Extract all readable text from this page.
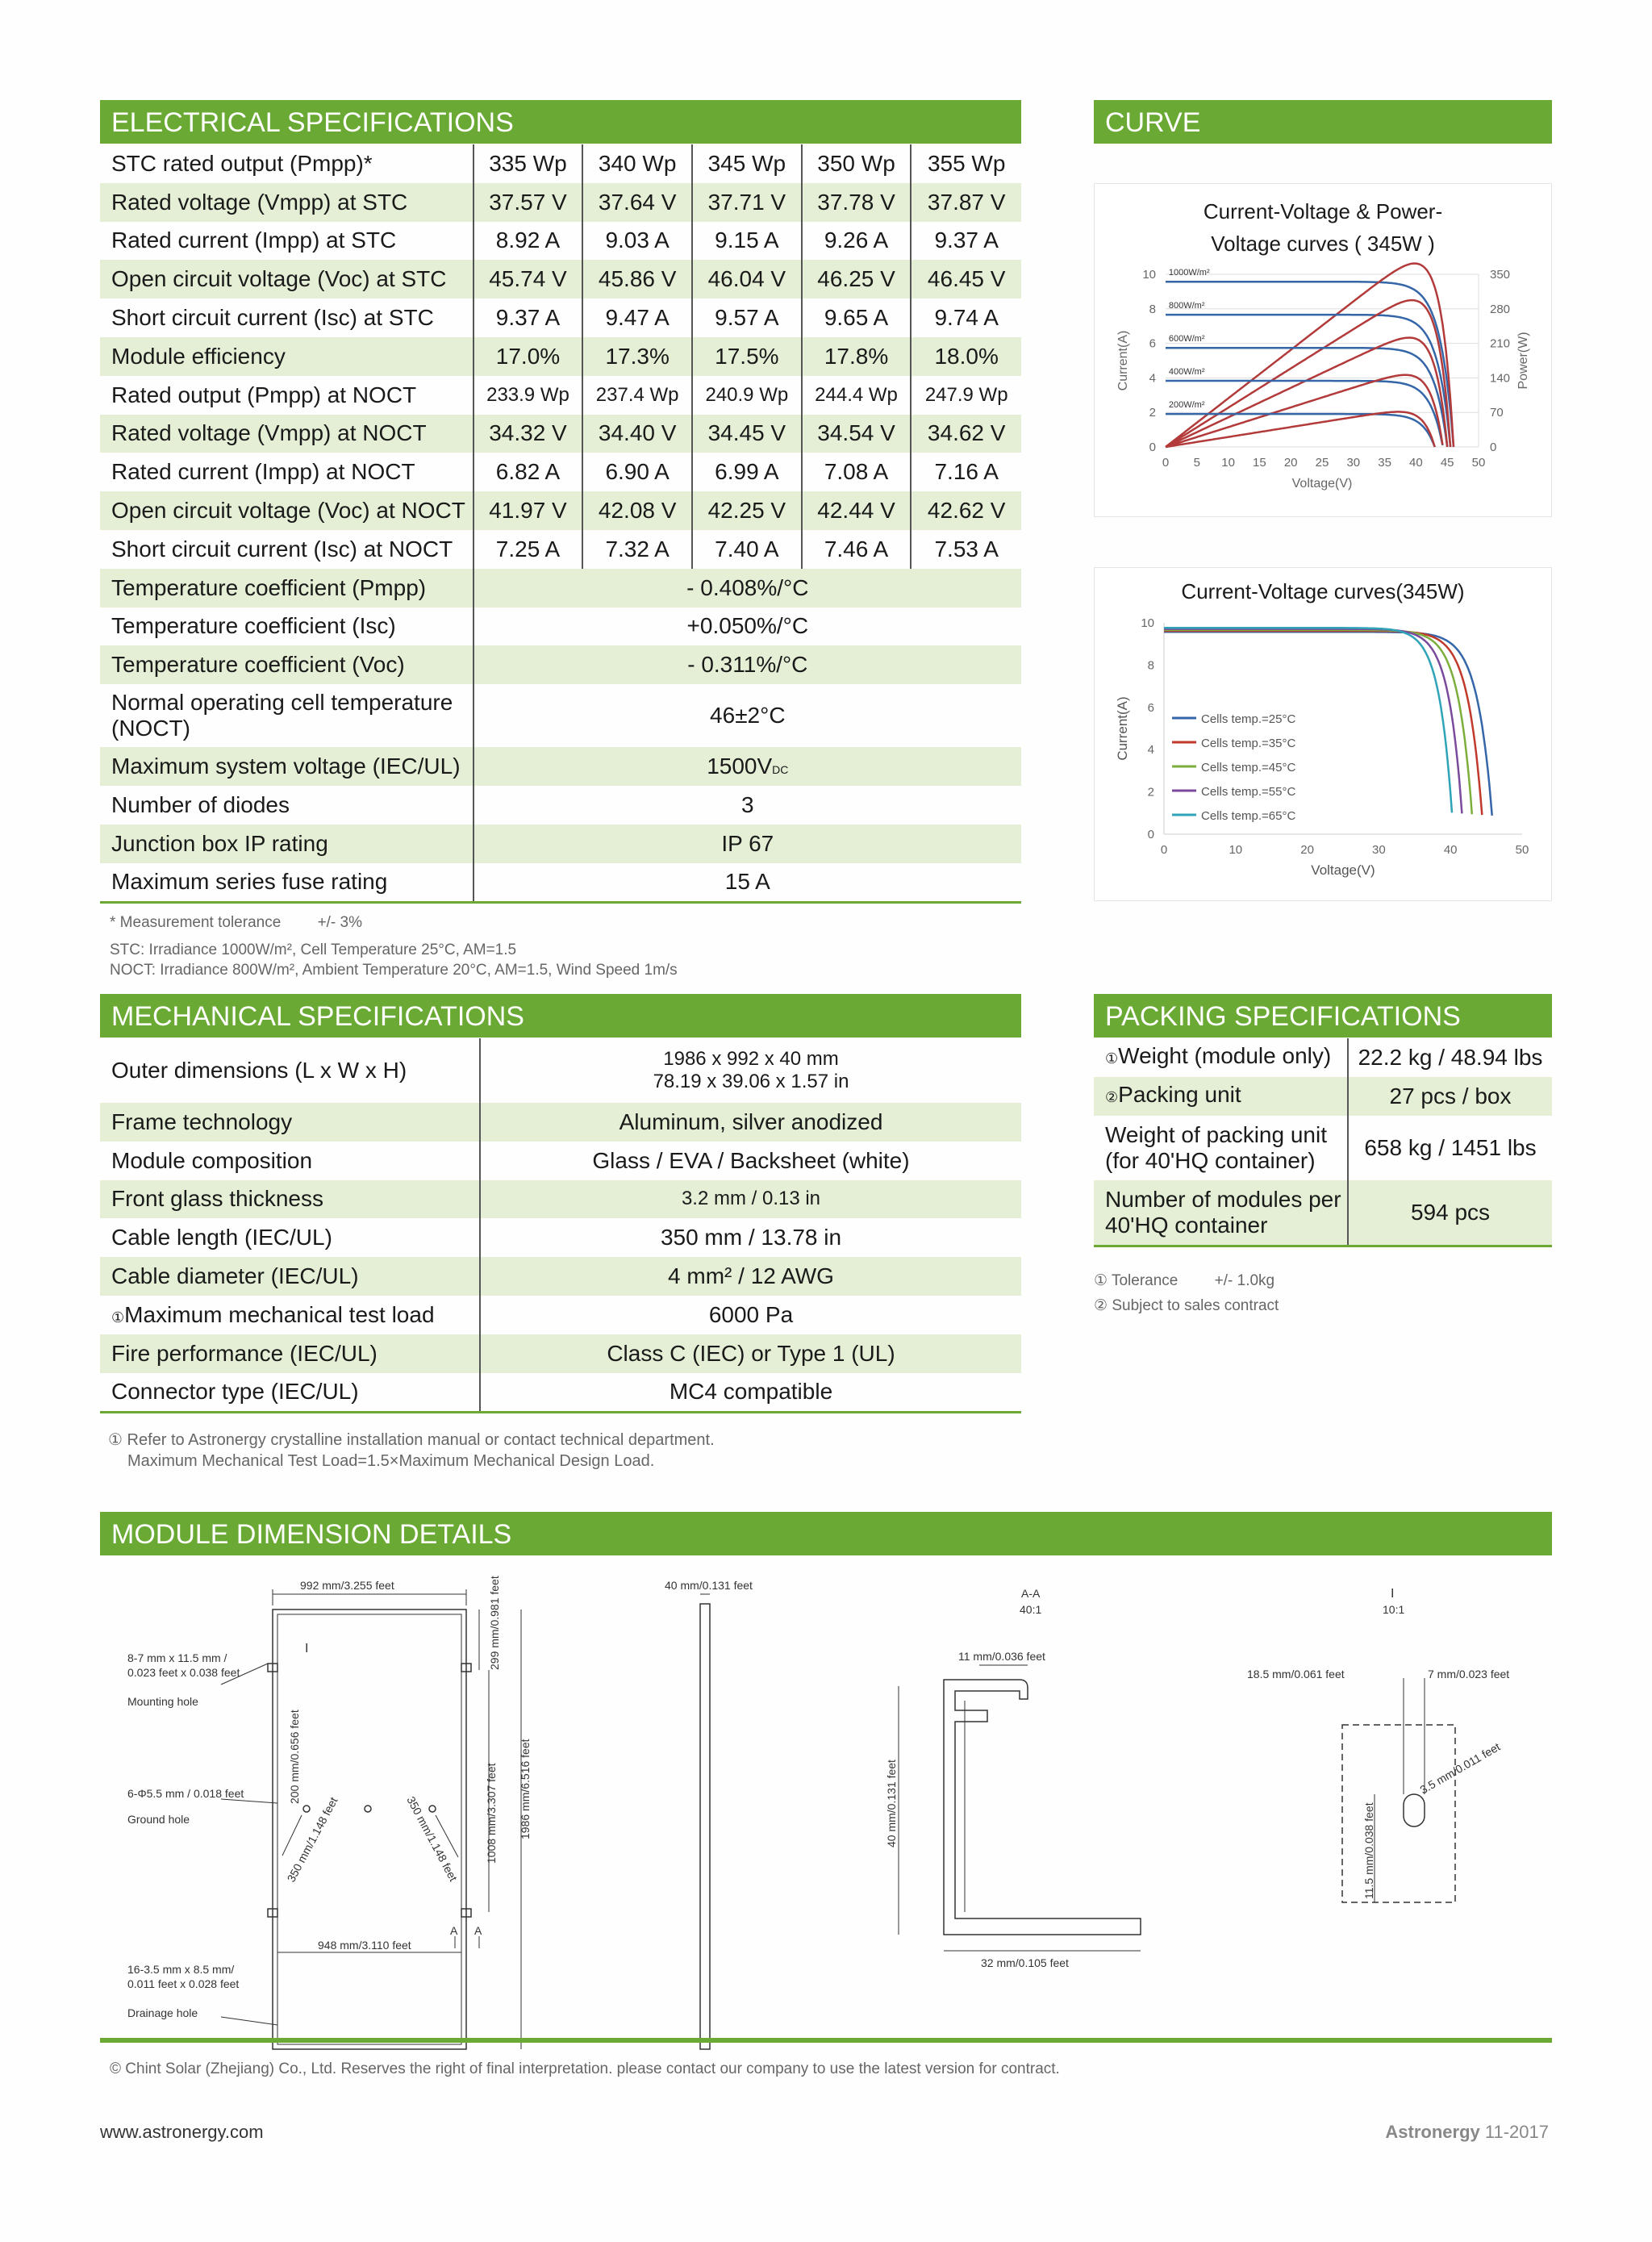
ELECTRICAL SPECIFICATIONS
STC rated output (Pmpp)*	335 Wp	340 Wp	345 Wp	350 Wp	355 Wp
Rated voltage (Vmpp) at STC	37.57 V	37.64 V	37.71 V	37.78 V	37.87 V
Rated current (Impp) at STC	8.92 A	9.03 A	9.15 A	9.26 A	9.37 A
Open circuit voltage (Voc) at STC	45.74 V	45.86 V	46.04 V	46.25 V	46.45 V
Short circuit current (Isc) at STC	9.37 A	9.47 A	9.57 A	9.65 A	9.74 A
Module efficiency	17.0%	17.3%	17.5%	17.8%	18.0%
Rated output (Pmpp) at NOCT	233.9 Wp	237.4 Wp	240.9 Wp	244.4 Wp	247.9 Wp
Rated voltage (Vmpp) at NOCT	34.32 V	34.40 V	34.45 V	34.54 V	34.62 V
Rated current (Impp) at NOCT	6.82 A	6.90 A	6.99 A	7.08 A	7.16 A
Open circuit voltage (Voc) at NOCT	41.97 V	42.08 V	42.25 V	42.44 V	42.62 V
Short circuit current (Isc) at NOCT	7.25 A	7.32 A	7.40 A	7.46 A	7.53 A
Temperature coefficient (Pmpp)	- 0.408%/°C				
Temperature coefficient (Isc)	+0.050%/°C				
Temperature coefficient (Voc)	- 0.311%/°C				
Normal operating cell temperature (NOCT)	46±2°C				
Maximum system voltage (IEC/UL)	1500VDC				
Number of diodes	3				
Junction box IP rating	IP 67				
Maximum series fuse rating	15 A				
* Measurement tolerance +/- 3%
STC: Irradiance 1000W/m², Cell Temperature 25°C, AM=1.5
NOCT: Irradiance 800W/m², Ambient Temperature 20°C, AM=1.5, Wind Speed 1m/s
CURVE
Current-Voltage & Power-Voltage curves ( 345W )
0
2
4
6
8
10
0
70
140
210
280
350
0 5 10 15 20 25 30 35 40 45 50
Voltage(V)
Current(A)	Power(W)
1000W/m²
800W/m²
600W/m²
400W/m²
200W/m²
Current-Voltage curves(345W)
0
2
4
6
8
10
0	10	20	30	40	50
Voltage(V)
Current(A)	Cells temp.=25°C
Cells temp.=35°C
Cells temp.=45°C
Cells temp.=55°C
Cells temp.=65°C
MECHANICAL SPECIFICATIONS
Outer dimensions (L x W x H)	1986 x 992 x 40 mm
78.19 x 39.06 x 1.57 in

Frame technology	Aluminum, silver anodized

Module composition	Glass / EVA / Backsheet (white)

Front glass thickness	3.2 mm / 0.13 in

Cable length (IEC/UL)	350 mm / 13.78 in

Cable diameter (IEC/UL)	4 mm² / 12 AWG

①Maximum mechanical test load	6000 Pa

Fire performance (IEC/UL)	Class C (IEC) or Type 1 (UL)

Connector type (IEC/UL)	MC4 compatible
① Refer to Astronergy crystalline installation manual or contact technical department.
Maximum Mechanical Test Load=1.5×Maximum Mechanical Design Load.
PACKING SPECIFICATIONS
①Weight (module only)	22.2 kg / 48.94 lbs
②Packing unit	27 pcs / box
Weight of packing unit
(for 40'HQ container)	658 kg / 1451 lbs
Number of modules per
40'HQ container	594 pcs
① Tolerance +/- 1.0kg
② Subject to sales contract
MODULE DIMENSION DETAILS
992 mm/3.255 feet	299 mm/0.981 feet
8-7 mm x 11.5 mm /
0.023 feet x 0.038 feet
Mounting hole
I
6-Φ5.5 mm / 0.018 feet
Ground hole
200 mm/0.656 feet
350 mm/1.148 feet	350 mm/1.148 feet 1008 mm/3.307 feet 1986 mm/6.516 feet
A A
948 mm/3.110 feet
16-3.5 mm x 8.5 mm/
0.011 feet x 0.028 feet
Drainage hole
40 mm/0.131 feet
A-A
40:1
11 mm/0.036 feet
40 mm/0.131 feet
32 mm/0.105 feet
I
10:1
18.5 mm/0.061 feet	7 mm/0.023 feet
3.5 mm/0.011 feet
11.5 mm/0.038 feet
© Chint Solar (Zhejiang) Co., Ltd. Reserves the right of final interpretation. please contact our company to use the latest version for contract.
www.astronergy.com	Astronergy 11-2017
